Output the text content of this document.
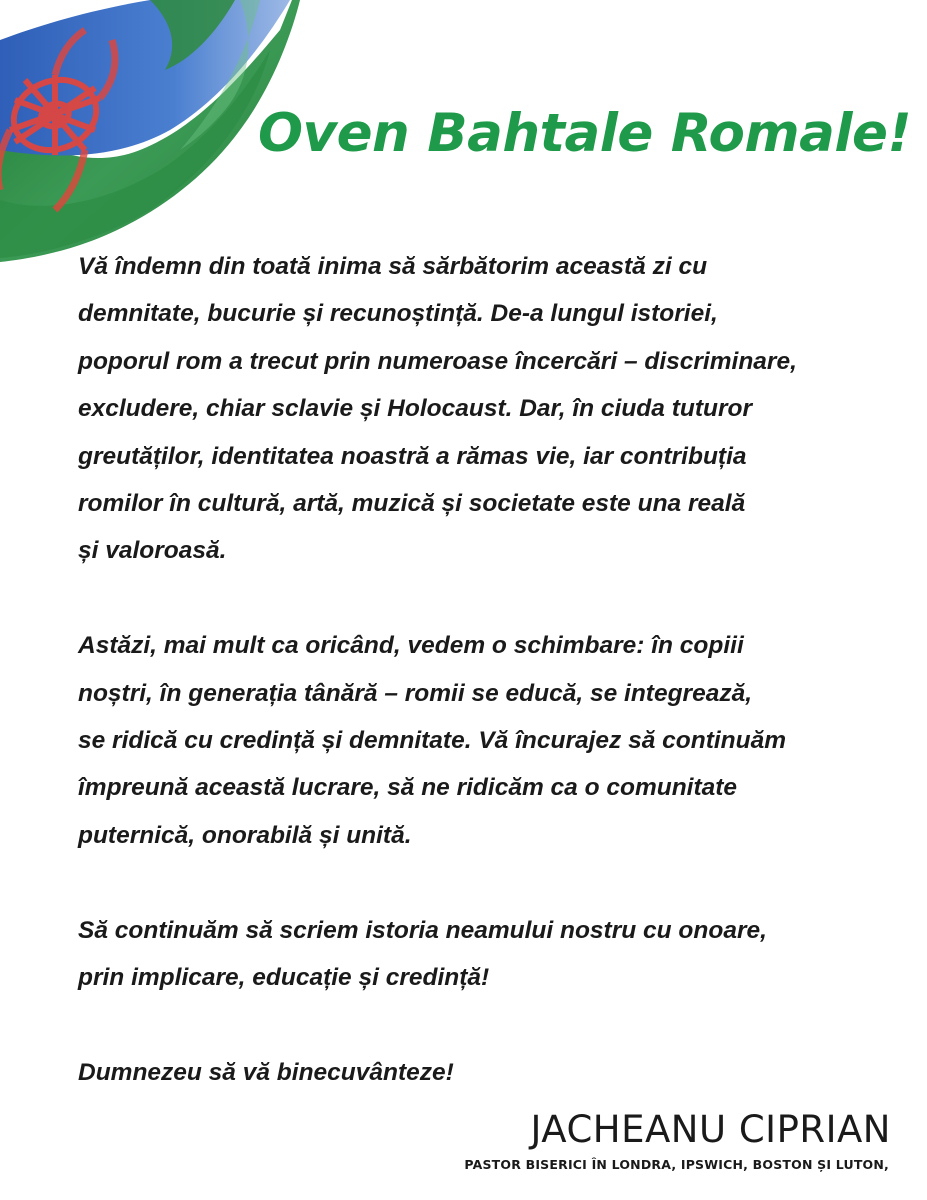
Oven Bahtale Romale!

Vă îndemn din toată inima să sărbătorim această zi cu
demnitate, bucurie și recunoștință. De-a lungul istoriei,
poporul rom a trecut prin numeroase încercări – discriminare,
excludere, chiar sclavie și Holocaust. Dar, în ciuda tuturor
greutăților, identitatea noastră a rămas vie, iar contribuția
romilor în cultură, artă, muzică și societate este una reală
și valoroasă.

Astăzi, mai mult ca oricând, vedem o schimbare: în copiii
noștri, în generația tânără – romii se educă, se integrează,
se ridică cu credință și demnitate. Vă încurajez să continuăm
împreună această lucrare, să ne ridicăm ca o comunitate
puternică, onorabilă și unită.

Să continuăm să scriem istoria neamului nostru cu onoare,
prin implicare, educație și credință!

Dumnezeu să vă binecuvânteze!

JACHEANU CIPRIAN
PASTOR BISERICI ÎN LONDRA, IPSWICH, BOSTON ȘI LUTON,
